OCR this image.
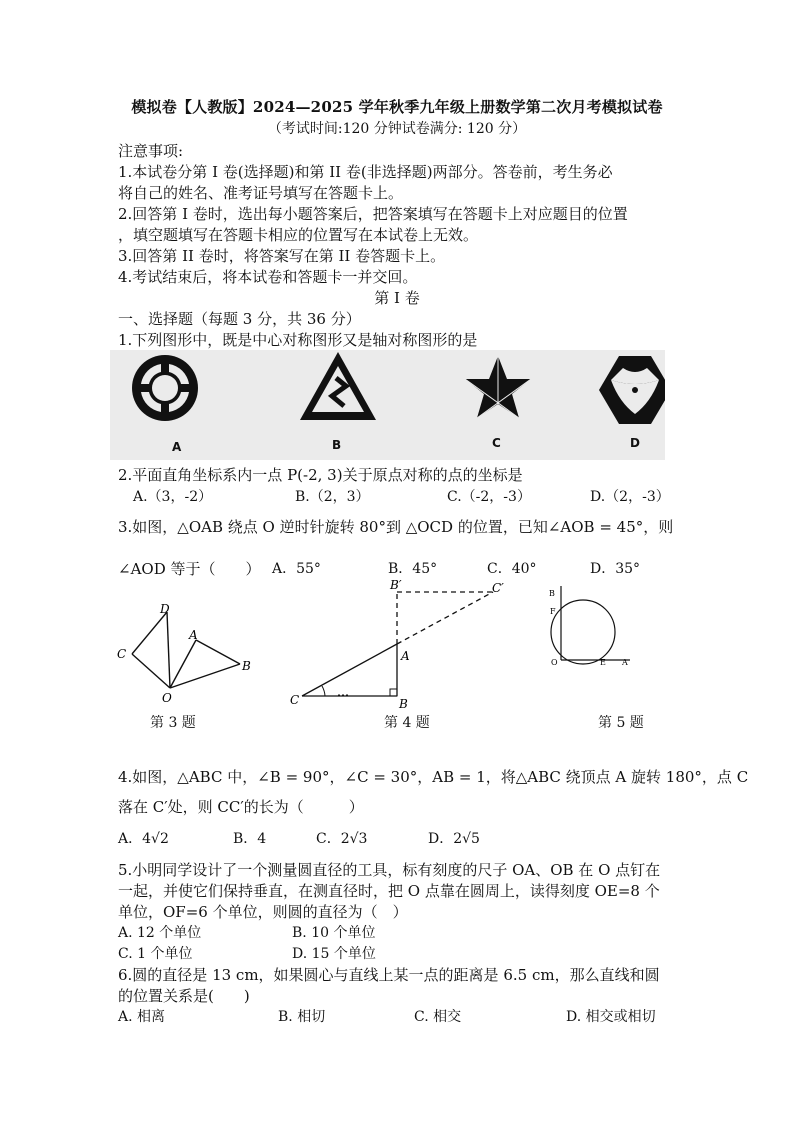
模拟卷【人教版】2024—2025 学年秋季九年级上册数学第二次月考模拟试卷
（考试时间:120 分钟试卷满分: 120 分）
注意事项:
1.本试卷分第 I 卷(选择题)和第 II 卷(非选择题)两部分。答卷前，考生务必
将自己的姓名、准考证号填写在答题卡上。
2.回答第 I 卷时，选出每小题答案后，把答案填写在答题卡上对应题目的位置
，填空题填写在答题卡相应的位置写在本试卷上无效。
3.回答第 II 卷时，将答案写在第 II 卷答题卡上。
4.考试结束后，将本试卷和答题卡一并交回。
第 I 卷
一、选择题（每题 3 分，共 36 分）
1.下列图形中，既是中心对称图形又是轴对称图形的是
A	B	C	D
2.平面直角坐标系内一点 P(-2, 3)关于原点对称的点的坐标是
A.（3，-2）	B.（2，3）	C.（-2，-3）	D.（2，-3）
3.如图，△OAB 绕点 O 逆时针旋转 80°到 △OCD 的位置，已知∠AOB = 45°，则
∠AOD 等于（　　） A．55°	B．45°	C．40°	D．35°
D
C
A
B
O
B′	C′
A
C	B
B
F
O	E A
第 3 题	第 4 题	第 5 题
4.如图，△ABC 中，∠B = 90°，∠C = 30°，AB = 1，将△ABC 绕顶点 A 旋转 180°，点 C
落在 C′处，则 CC′的长为（　　　）
A．4√2	B．4	C．2√3	D．2√5
5.小明同学设计了一个测量圆直径的工具，标有刻度的尺子 OA、OB 在 O 点钉在
一起，并使它们保持垂直，在测直径时，把 O 点靠在圆周上，读得刻度 OE=8 个
单位，OF=6 个单位，则圆的直径为（　）
A. 12 个单位	B. 10 个单位
C. 1 个单位	D. 15 个单位
6.圆的直径是 13 cm，如果圆心与直线上某一点的距离是 6.5 cm，那么直线和圆
的位置关系是(　　)
A. 相离	B. 相切	C. 相交	D. 相交或相切
